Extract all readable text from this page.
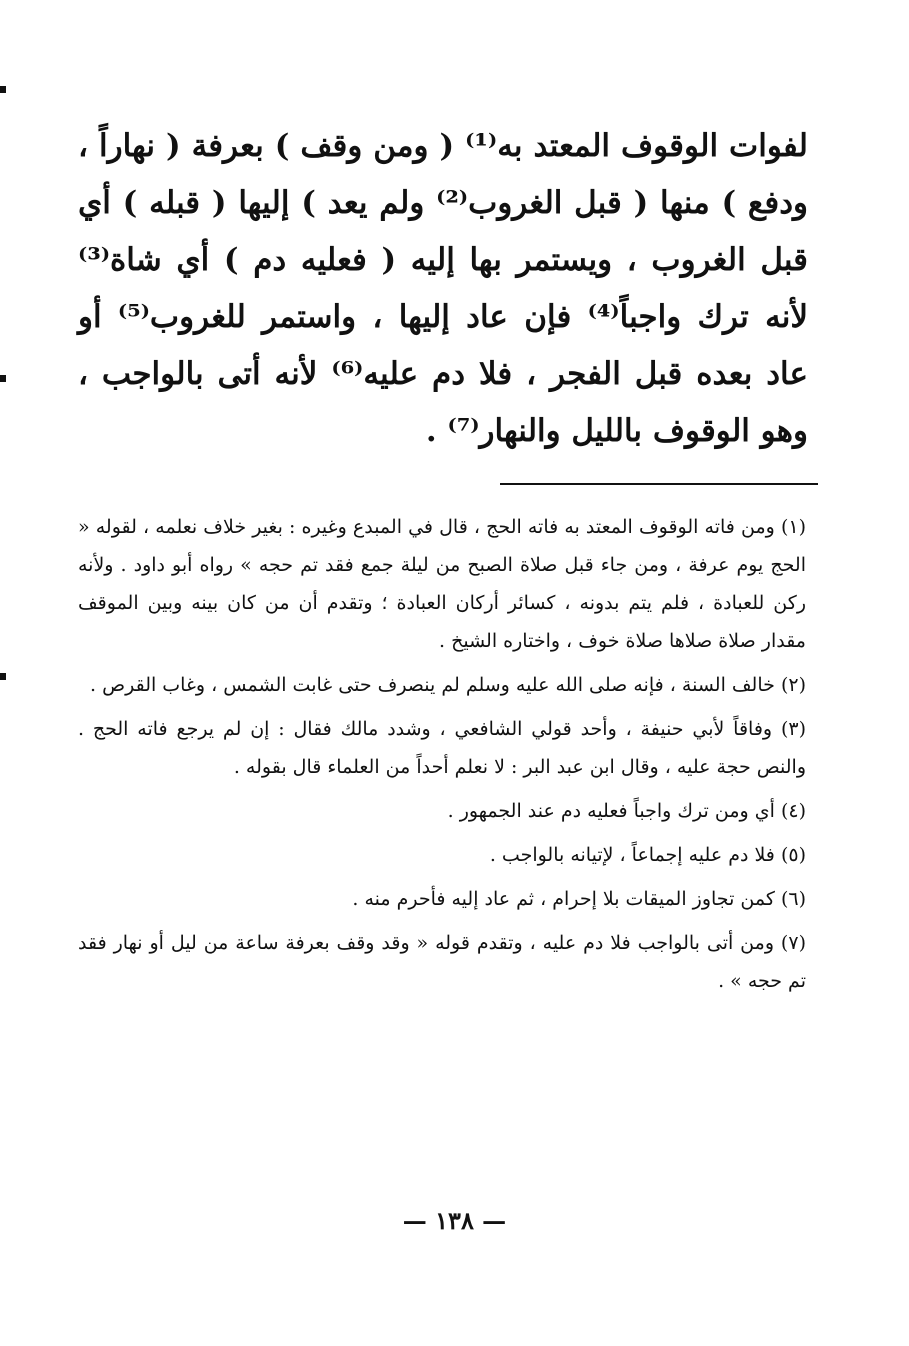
لفوات الوقوف المعتد به⁽¹⁾ ( ومن وقف ) بعرفة ( نهاراً ، ودفع ) منها ( قبل الغروب⁽²⁾ ولم يعد ) إليها ( قبله ) أي قبل الغروب ، ويستمر بها إليه ( فعليه دم ) أي شاة⁽³⁾ لأنه ترك واجباً⁽⁴⁾ فإن عاد إليها ، واستمر للغروب⁽⁵⁾ أو عاد بعده قبل الفجر ، فلا دم عليه⁽⁶⁾ لأنه أتى بالواجب ، وهو الوقوف بالليل والنهار⁽⁷⁾ .

(١) ومن فاته الوقوف المعتد به فاته الحج ، قال في المبدع وغيره : بغير خلاف نعلمه ، لقوله « الحج يوم عرفة ، ومن جاء قبل صلاة الصبح من ليلة جمع فقد تم حجه » رواه أبو داود . ولأنه ركن للعبادة ، فلم يتم بدونه ، كسائر أركان العبادة ؛ وتقدم أن من كان بينه وبين الموقف مقدار صلاة صلاها صلاة خوف ، واختاره الشيخ .

(٢) خالف السنة ، فإنه صلى الله عليه وسلم لم ينصرف حتى غابت الشمس ، وغاب القرص .

(٣) وفاقاً لأبي حنيفة ، وأحد قولي الشافعي ، وشدد مالك فقال : إن لم يرجع فاته الحج . والنص حجة عليه ، وقال ابن عبد البر : لا نعلم أحداً من العلماء قال بقوله .

(٤) أي ومن ترك واجباً فعليه دم عند الجمهور .

(٥) فلا دم عليه إجماعاً ، لإتيانه بالواجب .

(٦) كمن تجاوز الميقات بلا إحرام ، ثم عاد إليه فأحرم منه .

(٧) ومن أتى بالواجب فلا دم عليه ، وتقدم قوله « وقد وقف بعرفة ساعة من ليل أو نهار فقد تم حجه » .

— ١٣٨ —
